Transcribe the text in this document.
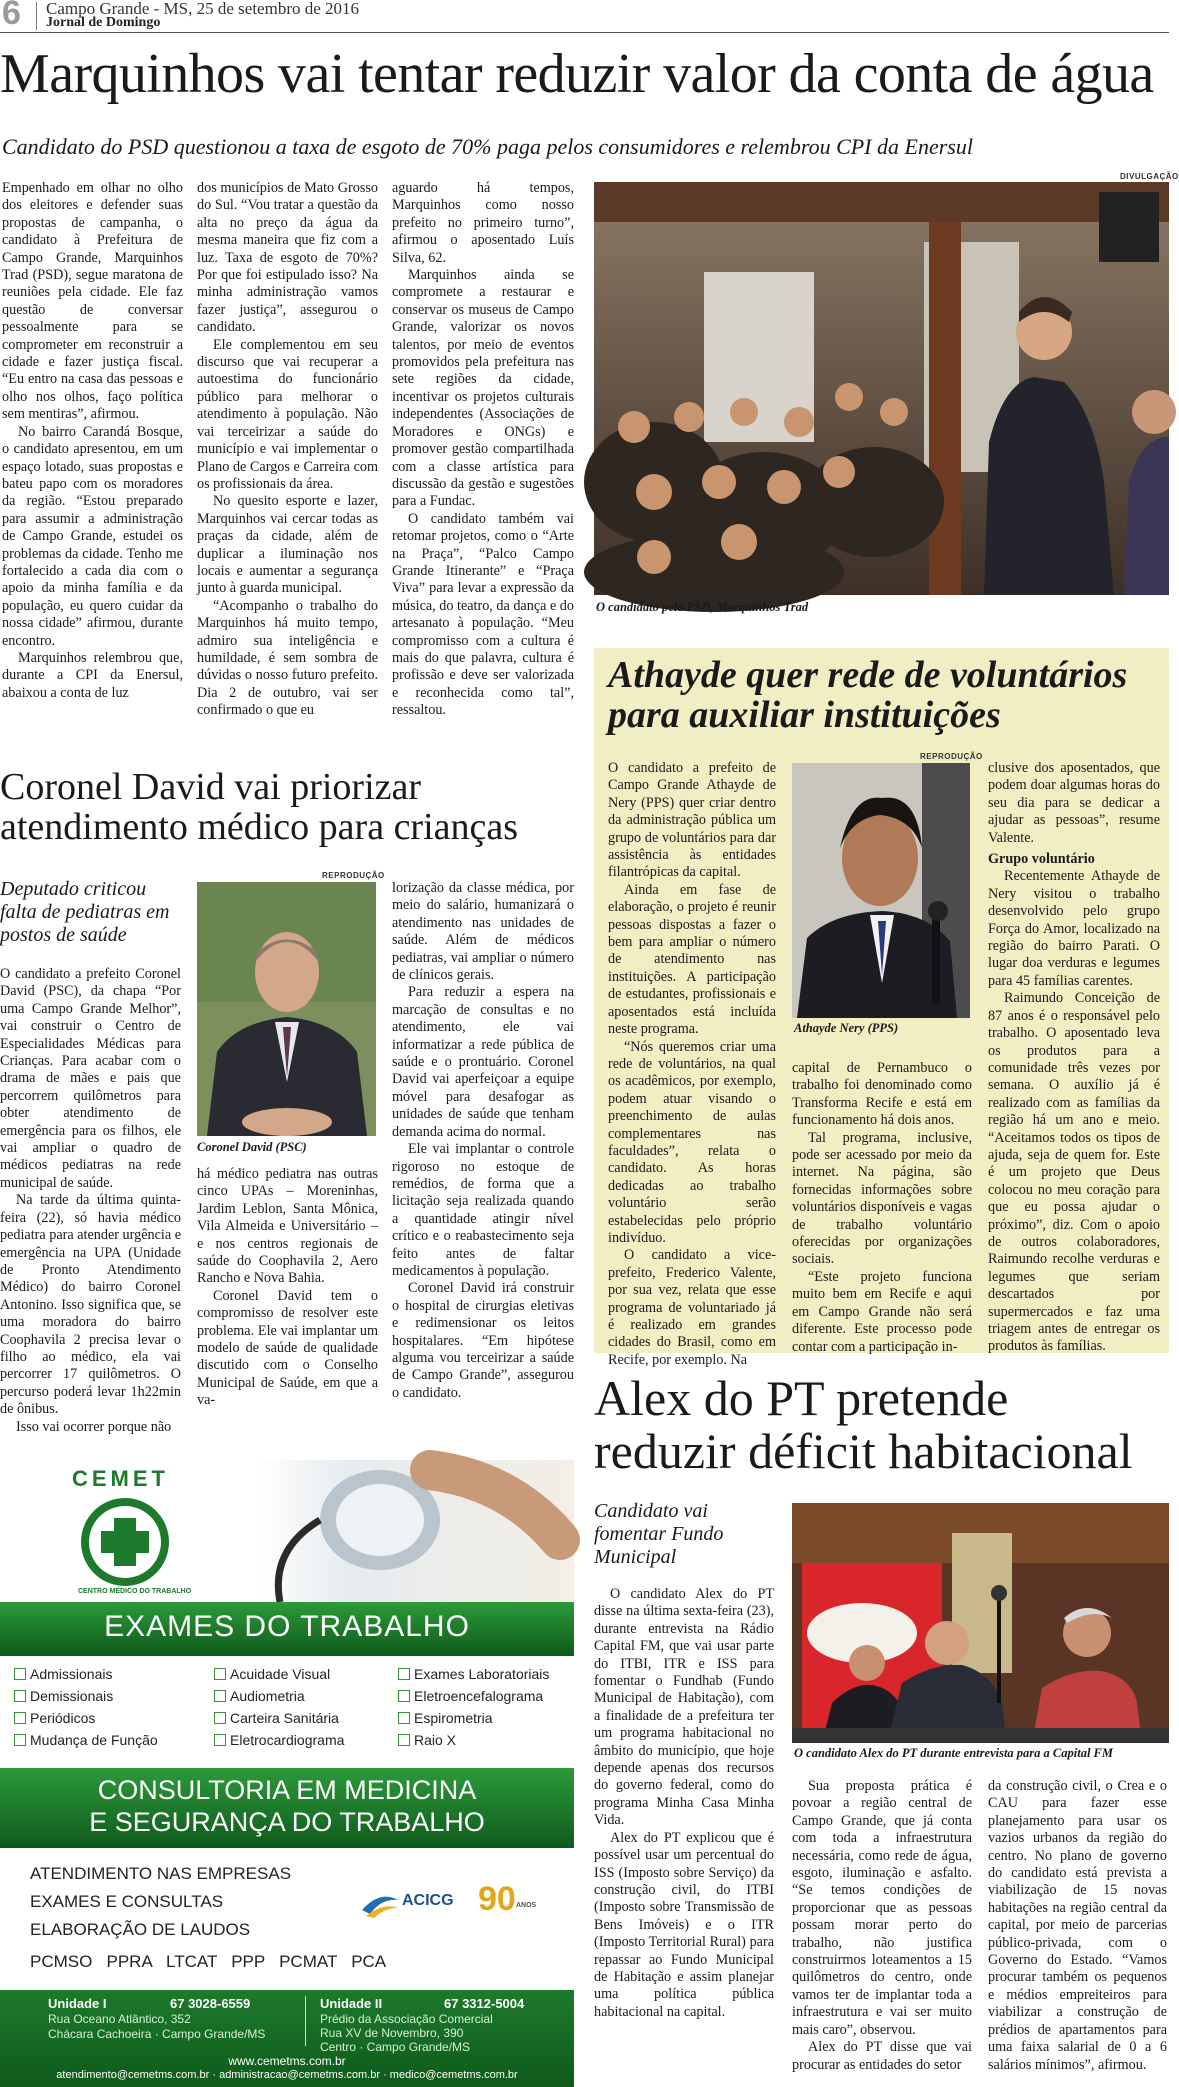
6 Campo Grande - MS, 25 de setembro de 2016
Jornal de Domingo
Marquinhos vai tentar reduzir valor da conta de água
Candidato do PSD questionou a taxa de esgoto de 70% paga pelos consumidores e relembrou CPI da Enersul

Empenhado em olhar no olho dos eleitores e defender suas propostas de campanha, o candidato à Prefeitura de Campo Grande, Marquinhos Trad (PSD), segue maratona de reuniões pela cidade. Ele faz questão de conversar pessoalmente para se comprometer em reconstruir a cidade e fazer justiça fiscal. “Eu entro na casa das pessoas e olho nos olhos, faço política sem mentiras”, afirmou.

No bairro Carandá Bosque, o candidato apresentou, em um espaço lotado, suas propostas e bateu papo com os moradores da região. “Estou preparado para assumir a administração de Campo Grande, estudei os problemas da cidade. Tenho me fortalecido a cada dia com o apoio da minha família e da população, eu quero cuidar da nossa cidade” afirmou, durante encontro.

Marquinhos relembrou que, durante a CPI da Enersul, abaixou a conta de luz

dos municípios de Mato Grosso do Sul. “Vou tratar a questão da alta no preço da água da mesma maneira que fiz com a luz. Taxa de esgoto de 70%? Por que foi estipulado isso? Na minha administração vamos fazer justiça”, assegurou o candidato.

Ele complementou em seu discurso que vai recuperar a autoestima do funcionário público para melhorar o atendimento à população. Não vai terceirizar a saúde do município e vai implementar o Plano de Cargos e Carreira com os profissionais da área.

No quesito esporte e lazer, Marquinhos vai cercar todas as praças da cidade, além de duplicar a iluminação nos locais e aumentar a segurança junto à guarda municipal.

“Acompanho o trabalho do Marquinhos há muito tempo, admiro sua inteligência e humildade, é sem sombra de dúvidas o nosso futuro prefeito. Dia 2 de outubro, vai ser confirmado o que eu

aguardo há tempos, Marquinhos como nosso prefeito no primeiro turno”, afirmou o aposentado Luís Silva, 62.

Marquinhos ainda se compromete a restaurar e conservar os museus de Campo Grande, valorizar os novos talentos, por meio de eventos promovidos pela prefeitura nas sete regiões da cidade, incentivar os projetos culturais independentes (Associações de Moradores e ONGs) e promover gestão compartilhada com a classe artística para discussão da gestão e sugestões para a Fundac.

O candidato também vai retomar projetos, como o “Arte na Praça”, “Palco Campo Grande Itinerante” e “Praça Viva” para levar a expressão da música, do teatro, da dança e do artesanato à população. “Meu compromisso com a cultura é mais do que palavra, cultura é profissão e deve ser valorizada e reconhecida como tal”, ressaltou.

DIVULGAÇÃO
O candidato pelo PSD, Marquinhos Trad
Coronel David vai priorizar
atendimento médico para crianças
Deputado criticou falta de pediatras em postos de saúde

O candidato a prefeito Coronel David (PSC), da chapa “Por uma Campo Grande Melhor”, vai construir o Centro de Especialidades Médicas para Crianças. Para acabar com o drama de mães e pais que percorrem quilômetros para obter atendimento de emergência para os filhos, ele vai ampliar o quadro de médicos pediatras na rede municipal de saúde.

Na tarde da última quinta-feira (22), só havia médico pediatra para atender urgência e emergência na UPA (Unidade de Pronto Atendimento Médico) do bairro Coronel Antonino. Isso significa que, se uma moradora do bairro Coophavila 2 precisa levar o filho ao médico, ela vai percorrer 17 quilômetros. O percurso poderá levar 1h22min de ônibus.

Isso vai ocorrer porque não

REPRODUÇÃO
Coronel David (PSC)

há médico pediatra nas outras cinco UPAs – Moreninhas, Jardim Leblon, Santa Mônica, Vila Almeida e Universitário – e nos centros regionais de saúde do Coophavila 2, Aero Rancho e Nova Bahia.

Coronel David tem o compromisso de resolver este problema. Ele vai implantar um modelo de saúde de qualidade discutido com o Conselho Municipal de Saúde, em que a va-

lorização da classe médica, por meio do salário, humanizará o atendimento nas unidades de saúde. Além de médicos pediatras, vai ampliar o número de clínicos gerais.

Para reduzir a espera na marcação de consultas e no atendimento, ele vai informatizar a rede pública de saúde e o prontuário. Coronel David vai aperfeiçoar a equipe móvel para desafogar as unidades de saúde que tenham demanda acima do normal.

Ele vai implantar o controle rigoroso no estoque de remédios, de forma que a licitação seja realizada quando a quantidade atingir nível crítico e o reabastecimento seja feito antes de faltar medicamentos à população.

Coronel David irá construir o hospital de cirurgias eletivas e redimensionar os leitos hospitalares. “Em hipótese alguma vou terceirizar a saúde de Campo Grande”, assegurou o candidato.

Athayde quer rede de voluntários
para auxiliar instituições

O candidato a prefeito de Campo Grande Athayde de Nery (PPS) quer criar dentro da administração pública um grupo de voluntários para dar assistência às entidades filantrópicas da capital.

Ainda em fase de elaboração, o projeto é reunir pessoas dispostas a fazer o bem para ampliar o número de atendimento nas instituições. A participação de estudantes, profissionais e aposentados está incluída neste programa.

“Nós queremos criar uma rede de voluntários, na qual os acadêmicos, por exemplo, podem atuar visando o preenchimento de aulas complementares nas faculdades”, relata o candidato. As horas dedicadas ao trabalho voluntário serão estabelecidas pelo próprio indivíduo.

O candidato a vice-prefeito, Frederico Valente, por sua vez, relata que esse programa de voluntariado já é realizado em grandes cidades do Brasil, como em Recife, por exemplo. Na

REPRODUÇÃO
Athayde Nery (PPS)

capital de Pernambuco o trabalho foi denominado como Transforma Recife e está em funcionamento há dois anos.

Tal programa, inclusive, pode ser acessado por meio da internet. Na página, são fornecidas informações sobre voluntários disponíveis e vagas de trabalho voluntário oferecidas por organizações sociais.

“Este projeto funciona muito bem em Recife e aqui em Campo Grande não será diferente. Este processo pode contar com a participação in-

clusive dos aposentados, que podem doar algumas horas do seu dia para se dedicar a ajudar as pessoas”, resume Valente.

Grupo voluntário

Recentemente Athayde de Nery visitou o trabalho desenvolvido pelo grupo Força do Amor, localizado na região do bairro Parati. O lugar doa verduras e legumes para 45 famílias carentes.

Raimundo Conceição de 87 anos é o responsável pelo trabalho. O aposentado leva os produtos para a comunidade três vezes por semana. O auxílio já é realizado com as famílias da região há um ano e meio. “Aceitamos todos os tipos de ajuda, seja de quem for. Este é um projeto que Deus colocou no meu coração para que eu possa ajudar o próximo”, diz. Com o apoio de outros colaboradores, Raimundo recolhe verduras e legumes que seriam descartados por supermercados e faz uma triagem antes de entregar os produtos às famílias.

Alex do PT pretende
reduzir déficit habitacional
Candidato vai fomentar Fundo Municipal

O candidato Alex do PT disse na última sexta-feira (23), durante entrevista na Rádio Capital FM, que vai usar parte do ITBI, ITR e ISS para fomentar o Fundhab (Fundo Municipal de Habitação), com a finalidade de a prefeitura ter um programa habitacional no âmbito do município, que hoje depende apenas dos recursos do governo federal, como do programa Minha Casa Minha Vida.

Alex do PT explicou que é possível usar um percentual do ISS (Imposto sobre Serviço) da construção civil, do ITBI (Imposto sobre Transmissão de Bens Imóveis) e o ITR (Imposto Territorial Rural) para repassar ao Fundo Municipal de Habitação e assim planejar uma política pública habitacional na capital.

O candidato Alex do PT durante entrevista para a Capital FM

Sua proposta prática é povoar a região central de Campo Grande, que já conta com toda a infraestrutura necessária, como rede de água, esgoto, iluminação e asfalto. “Se temos condições de proporcionar que as pessoas possam morar perto do trabalho, não justifica construirmos loteamentos a 15 quilômetros do centro, onde vamos ter de implantar toda a infraestrutura e vai ser muito mais caro”, observou.

Alex do PT disse que vai procurar as entidades do setor

da construção civil, o Crea e o CAU para fazer esse planejamento para usar os vazios urbanos da região do centro. No plano de governo do candidato está prevista a viabilização de 15 novas habitações na região central da capital, por meio de parcerias público-privada, com o Governo do Estado. “Vamos procurar também os pequenos e médios empreiteiros para viabilizar a construção de prédios de apartamentos para uma faixa salarial de 0 a 6 salários mínimos”, afirmou.

CEMET
CENTRO MÉDICO DO TRABALHO
EXAMES DO TRABALHO
Admissionais
Demissionais
Periódicos
Mudança de Função
Acuidade Visual
Audiometria
Carteira Sanitária
Eletrocardiograma
Exames Laboratoriais
Eletroencefalograma
Espirometria
Raio X
CONSULTORIA EM MEDICINA
E SEGURANÇA DO TRABALHO
ATENDIMENTO NAS EMPRESAS
EXAMES E CONSULTAS
ELABORAÇÃO DE LAUDOS
PCMSO   PPRA   LTCAT   PPP   PCMAT   PCA
ACICG 90 ANOS
Unidade I	67 3028-6559
Rua Oceano Atlântico, 352
Chácara Cachoeira · Campo Grande/MS
Unidade II	67 3312-5004
Prédio da Associação Comercial
Rua XV de Novembro, 390
Centro · Campo Grande/MS
www.cemetms.com.br
atendimento@cemetms.com.br · administracao@cemetms.com.br · medico@cemetms.com.br
